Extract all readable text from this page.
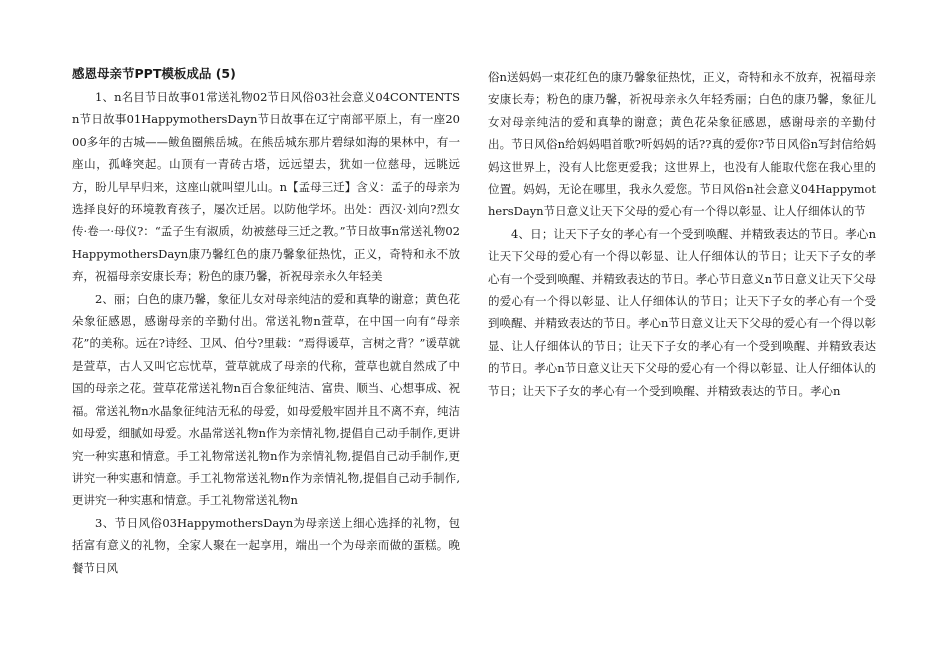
感恩母亲节PPT模板成品 (5)

1、n名目节日故事01常送礼物02节日风俗03社会意义04CONTENTSn节日故事01HappymothersDayn节日故事在辽宁南部平原上，有一座2000多年的古城——鲅鱼圈熊岳城。在熊岳城东那片碧绿如海的果林中，有一座山，孤峰突起。山顶有一青砖古塔，远远望去，犹如一位慈母，远眺远方，盼儿早早归来，这座山就叫望儿山。n【孟母三迁】含义：孟子的母亲为选择良好的环境教育孩子，屡次迁居。以防他学坏。出处：西汉·刘向?烈女传·卷一·母仪?：“孟子生有淑质，幼被慈母三迁之教。”节日故事n常送礼物02HappymothersDayn康乃馨红色的康乃馨象征热忱，正义，奇特和永不放弃，祝福母亲安康长寿；粉色的康乃馨，祈祝母亲永久年轻美

2、丽；白色的康乃馨，象征儿女对母亲纯洁的爱和真挚的谢意；黄色花朵象征感恩，感谢母亲的辛勤付出。常送礼物n萱草，在中国一向有“母亲花”的美称。远在?诗经、卫风、伯兮?里载：“焉得谖草，言树之背？”谖草就是萱草，古人又叫它忘忧草，萱草就成了母亲的代称，萱草也就自然成了中国的母亲之花。萱草花常送礼物n百合象征纯洁、富贵、顺当、心想事成、祝福。常送礼物n水晶象征纯洁无私的母爱，如母爱般牢固并且不离不弃，纯洁如母爱，细腻如母爱。水晶常送礼物n作为亲情礼物,提倡自己动手制作,更讲究一种实惠和情意。手工礼物常送礼物n作为亲情礼物,提倡自己动手制作,更讲究一种实惠和情意。手工礼物常送礼物n作为亲情礼物,提倡自己动手制作,更讲究一种实惠和情意。手工礼物常送礼物n

3、节日风俗03HappymothersDayn为母亲送上细心选择的礼物，包括富有意义的礼物，全家人聚在一起享用，端出一个为母亲而做的蛋糕。晚餐节日风

俗n送妈妈一束花红色的康乃馨象征热忱，正义，奇特和永不放弃，祝福母亲安康长寿；粉色的康乃馨，祈祝母亲永久年轻秀丽；白色的康乃馨，象征儿女对母亲纯洁的爱和真挚的谢意；黄色花朵象征感恩，感谢母亲的辛勤付出。节日风俗n给妈妈唱首歌?听妈妈的话??真的爱你?节日风俗n写封信给妈妈这世界上，没有人比您更爱我；这世界上，也没有人能取代您在我心里的位置。妈妈，无论在哪里，我永久爱您。节日风俗n社会意义04HappymothersDayn节日意义让天下父母的爱心有一个得以彰显、让人仔细体认的节

4、日；让天下子女的孝心有一个受到唤醒、并精致表达的节日。孝心n让天下父母的爱心有一个得以彰显、让人仔细体认的节日；让天下子女的孝心有一个受到唤醒、并精致表达的节日。孝心节日意义n节日意义让天下父母的爱心有一个得以彰显、让人仔细体认的节日；让天下子女的孝心有一个受到唤醒、并精致表达的节日。孝心n节日意义让天下父母的爱心有一个得以彰显、让人仔细体认的节日；让天下子女的孝心有一个受到唤醒、并精致表达的节日。孝心n节日意义让天下父母的爱心有一个得以彰显、让人仔细体认的节日；让天下子女的孝心有一个受到唤醒、并精致表达的节日。孝心n
